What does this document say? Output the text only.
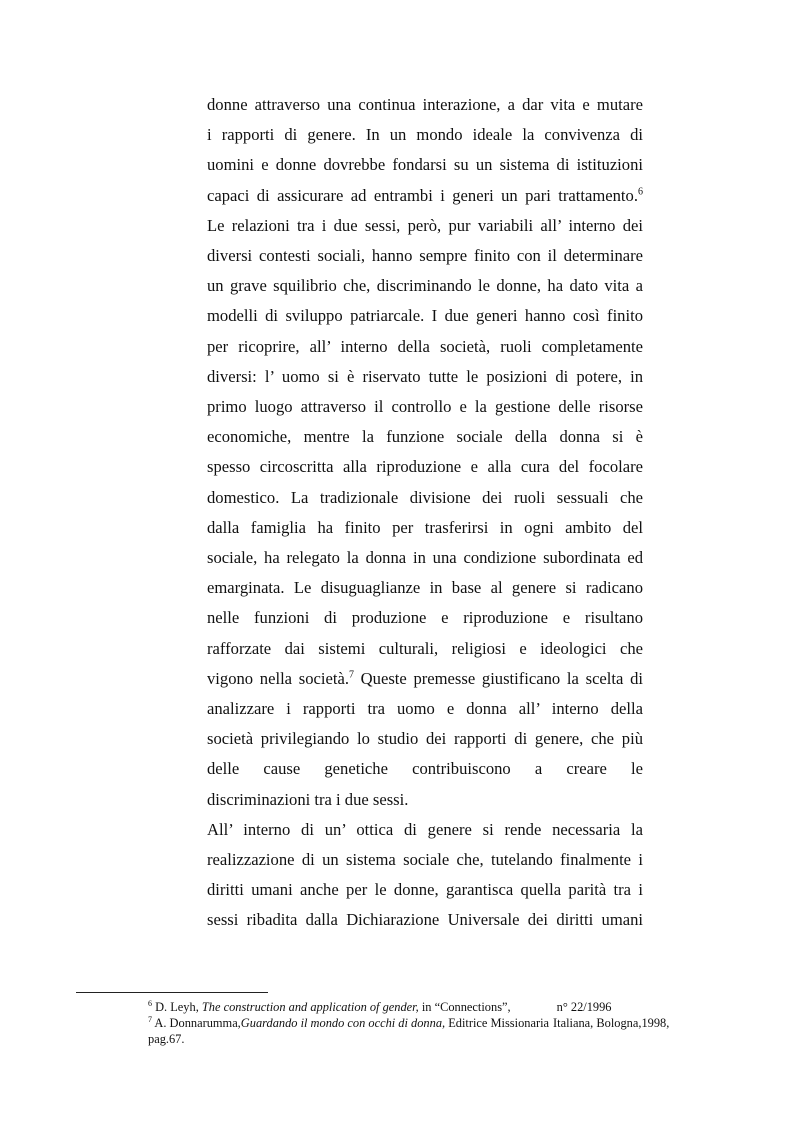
donne attraverso una continua interazione, a dar vita e mutare
i rapporti di genere. In un mondo ideale la convivenza di
uomini e donne dovrebbe fondarsi su un sistema di istituzioni
capaci di assicurare ad entrambi i generi un pari trattamento.$^6$
Le relazioni tra i due sessi, però, pur variabili all’ interno dei
diversi contesti sociali, hanno sempre finito con il determinare
un grave squilibrio che, discriminando le donne, ha dato vita a
modelli di sviluppo patriarcale. I due generi hanno così finito
per ricoprire, all’ interno della società, ruoli completamente
diversi: l’ uomo si è riservato tutte le posizioni di potere, in
primo luogo attraverso il controllo e la gestione delle risorse
economiche, mentre la funzione sociale della donna si è
spesso circoscritta alla riproduzione e alla cura del focolare
domestico. La tradizionale divisione dei ruoli sessuali che
dalla famiglia ha finito per trasferirsi in ogni ambito del
sociale, ha relegato la donna in una condizione subordinata ed
emarginata. Le disuguaglianze in base al genere si radicano
nelle funzioni di produzione e riproduzione e risultano
rafforzate dai sistemi culturali, religiosi e ideologici che
vigono nella società.$^7$ Queste premesse giustificano la scelta di
analizzare i rapporti tra uomo e donna all’ interno della
società privilegiando lo studio dei rapporti di genere, che più
delle cause genetiche contribuiscono a creare le
discriminazioni tra i due sessi.
All’ interno di un’ ottica di genere si rende necessaria la
realizzazione di un sistema sociale che, tutelando finalmente i
diritti umani anche per le donne, garantisca quella parità tra i
sessi ribadita dalla Dichiarazione Universale dei diritti umani
$^6$ D. Leyh, The construction and application of gender, in “Connections”,	n° 22/1996
$^7$ A. Donnarumma,Guardando il mondo con occhi di donna, Editrice Missionaria Italiana, Bologna,1998,
pag.67.
